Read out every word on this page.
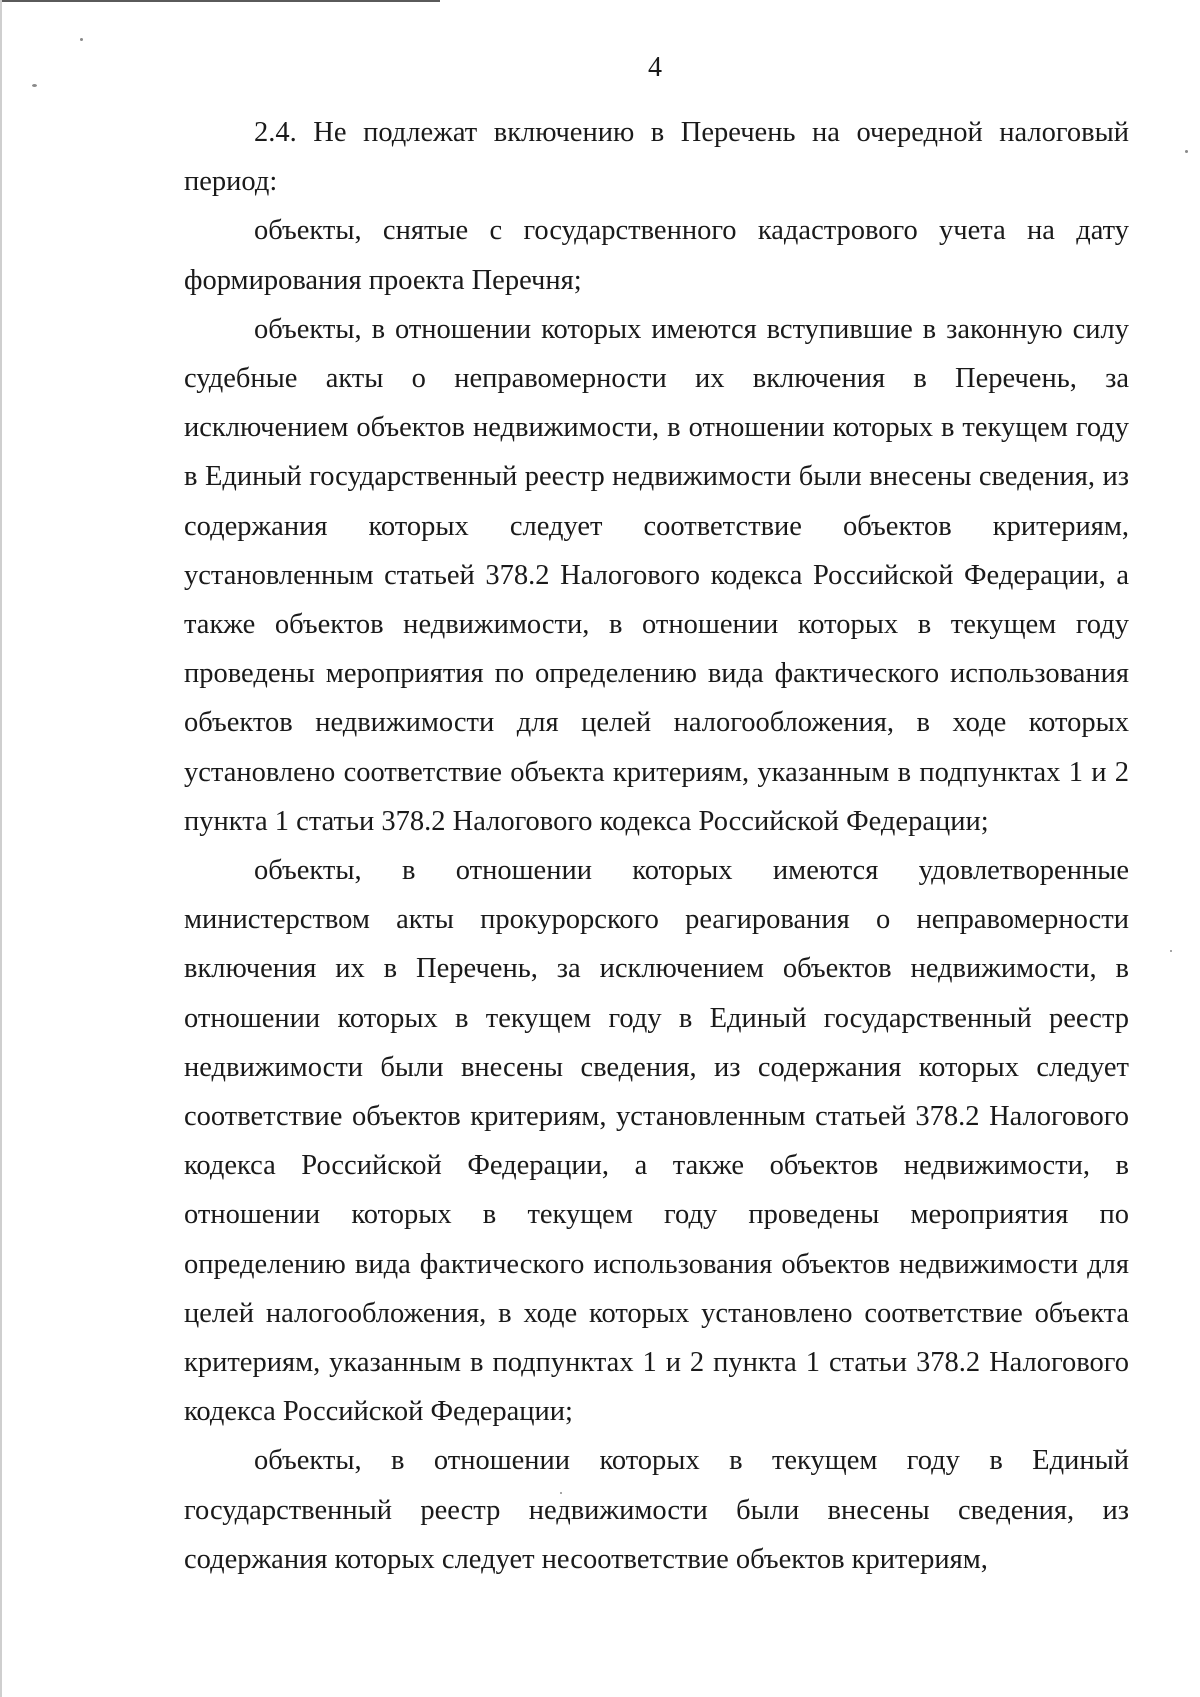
4

2.4. Не подлежат включению в Перечень на очередной налоговый период:

объекты, снятые с государственного кадастрового учета на дату формирования проекта Перечня;

объекты, в отношении которых имеются вступившие в законную силу судебные акты о неправомерности их включения в Перечень, за исключением объектов недвижимости, в отношении которых в текущем году в Единый государственный реестр недвижимости были внесены сведения, из содержания которых следует соответствие объектов критериям, установленным статьей 378.2 Налогового кодекса Российской Федерации, а также объектов недвижимости, в отношении которых в текущем году проведены мероприятия по определению вида фактического использования объектов недвижимости для целей налогообложения, в ходе которых установлено соответствие объекта критериям, указанным в подпунктах 1 и 2 пункта 1 статьи 378.2 Налогового кодекса Российской Федерации;

объекты, в отношении которых имеются удовлетворенные министерством акты прокурорского реагирования о неправомерности включения их в Перечень, за исключением объектов недвижимости, в отношении которых в текущем году в Единый государственный реестр недвижимости были внесены сведения, из содержания которых следует соответствие объектов критериям, установленным статьей 378.2 Налогового кодекса Российской Федерации, а также объектов недвижимости, в отношении которых в текущем году проведены мероприятия по определению вида фактического использования объектов недвижимости для целей налогообложения, в ходе которых установлено соответствие объекта критериям, указанным в подпунктах 1 и 2 пункта 1 статьи 378.2 Налогового кодекса Российской Федерации;

объекты, в отношении которых в текущем году в Единый государственный реестр недвижимости были внесены сведения, из содержания которых следует несоответствие объектов критериям,
